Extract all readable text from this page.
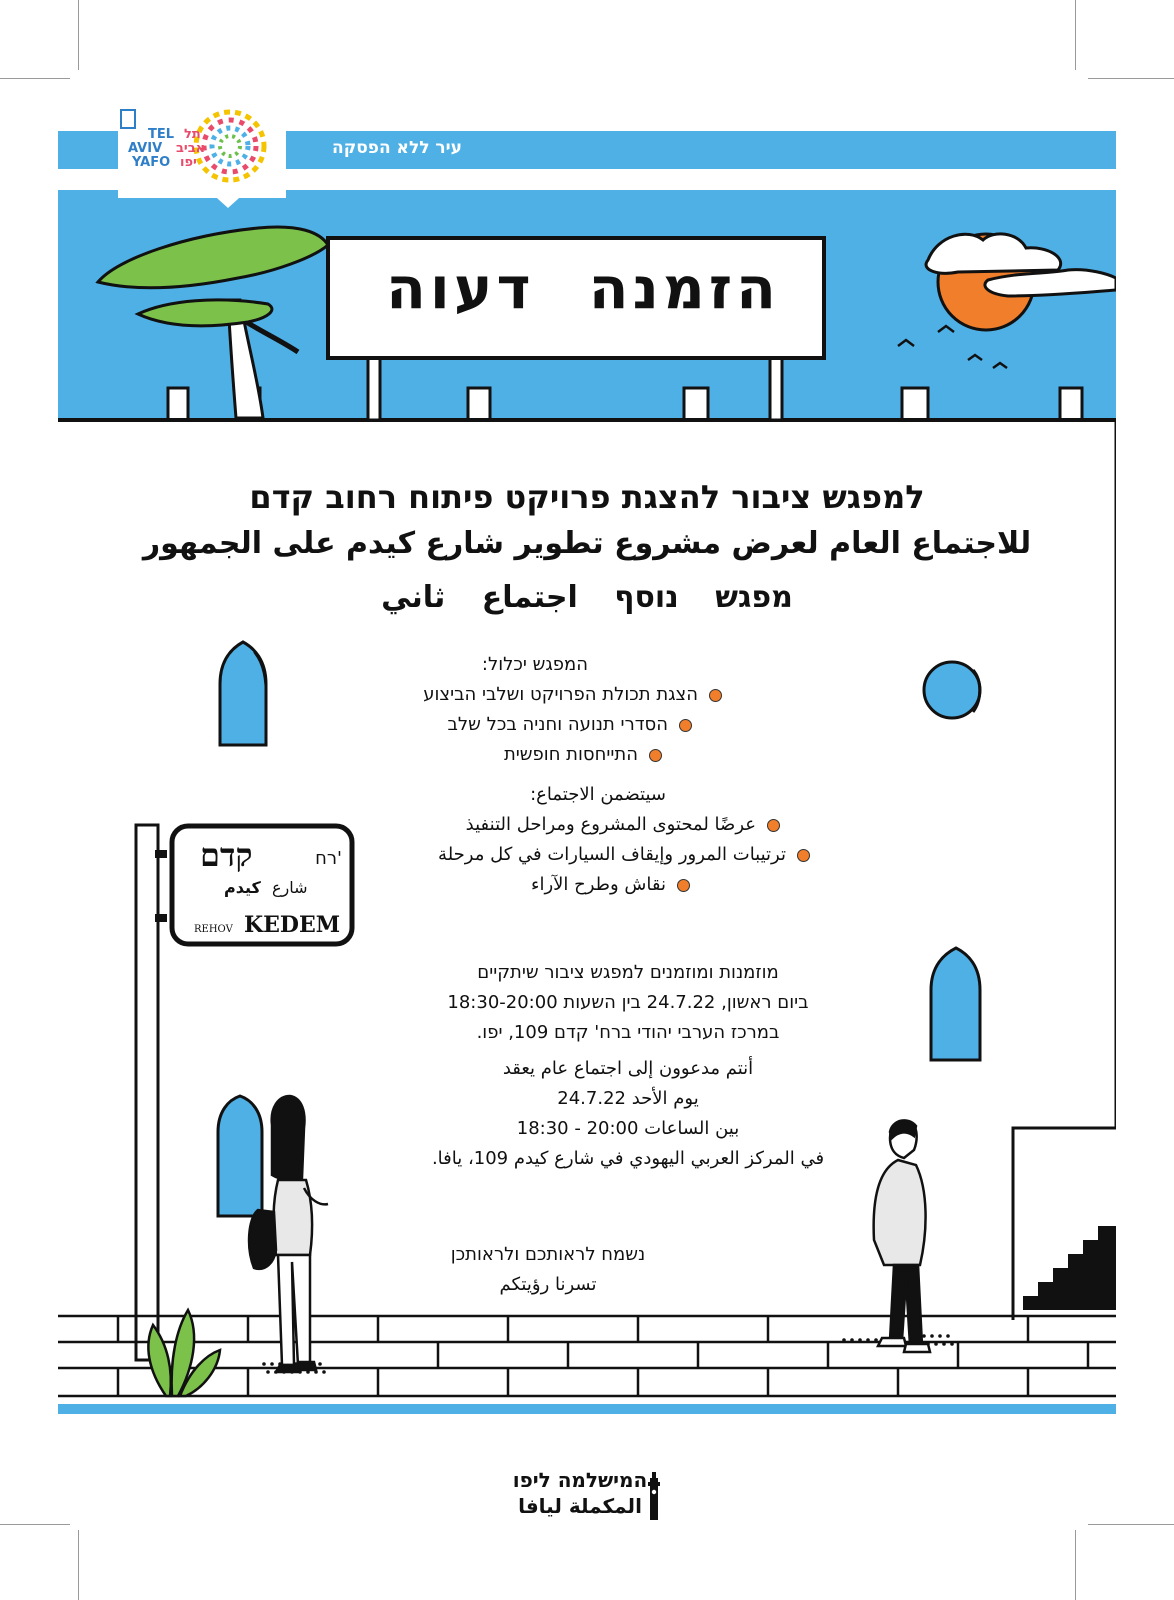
עיר ללא הפסקה
TEL
AVIV
YAFO
תל
אביב
יפו
הזמנה דעוה
למפגש ציבור להצגת פרויקט פיתוח רחוב קדם
للاجتماع العام لعرض مشروع تطوير شارع كيدم على الجمهور
מפגש נוסף اجتماع ثاني
המפגש יכלול:
הצגת תכולת הפרויקט ושלבי הביצוע
הסדרי תנועה וחניה בכל שלב
התייחסות חופשית
سيتضمن الاجتماع:
عرضًا لمحتوى المشروع ومراحل التنفيذ
ترتيبات المرور وإيقاف السيارات في كل مرحلة
نقاش وطرح الآراء
רח'
קדם
شارع
كيدم
REHOV KEDEM
מוזמנות ומוזמנים למפגש ציבור שיתקיים
ביום ראשון, 24.7.22 בין השעות 18:30-20:00
במרכז הערבי יהודי ברח' קדם 109, יפו.
أنتم مدعوون إلى اجتماع عام يعقد
يوم الأحد 24.7.22
بين الساعات 20:00 - 18:30
في المركز العربي اليهودي في شارع كيدم 109، يافا.
נשמח לראותכם ולראותכן
تسرنا رؤيتكم
המישלמה ליפו
المكملة ليافا
